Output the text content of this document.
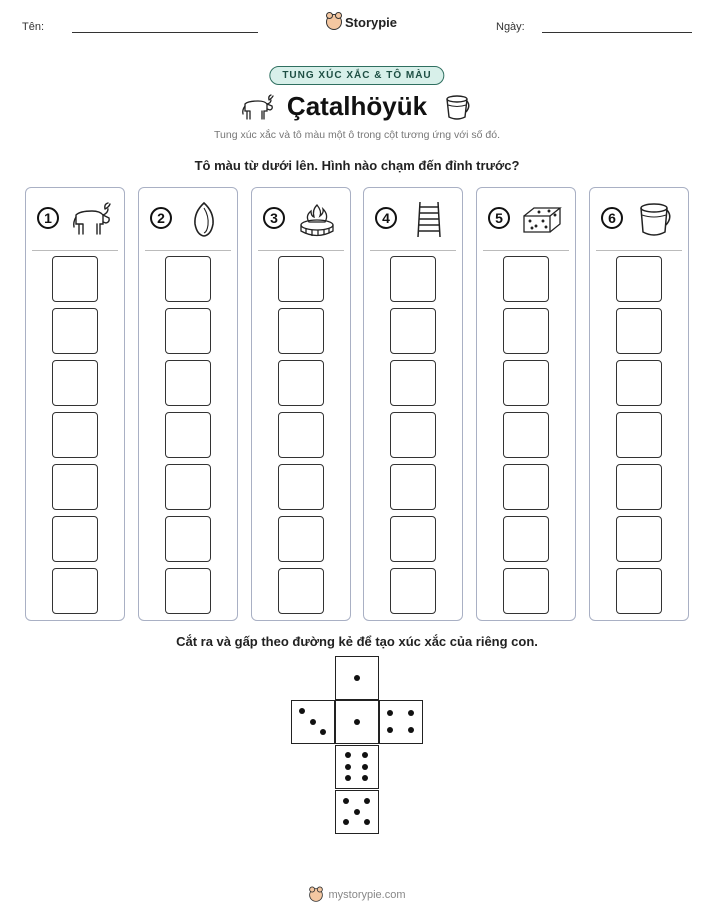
Tên:	Storypie	Ngày:
TUNG XÚC XẮC & TÔ MÀU
Çatalhöyük
Tung xúc xắc và tô màu một ô trong cột tương ứng với số đó.
Tô màu từ dưới lên. Hình nào chạm đến đỉnh trước?
1	2	3	4	5	6
Cắt ra và gấp theo đường kẻ để tạo xúc xắc của riêng con.
mystorypie.com
